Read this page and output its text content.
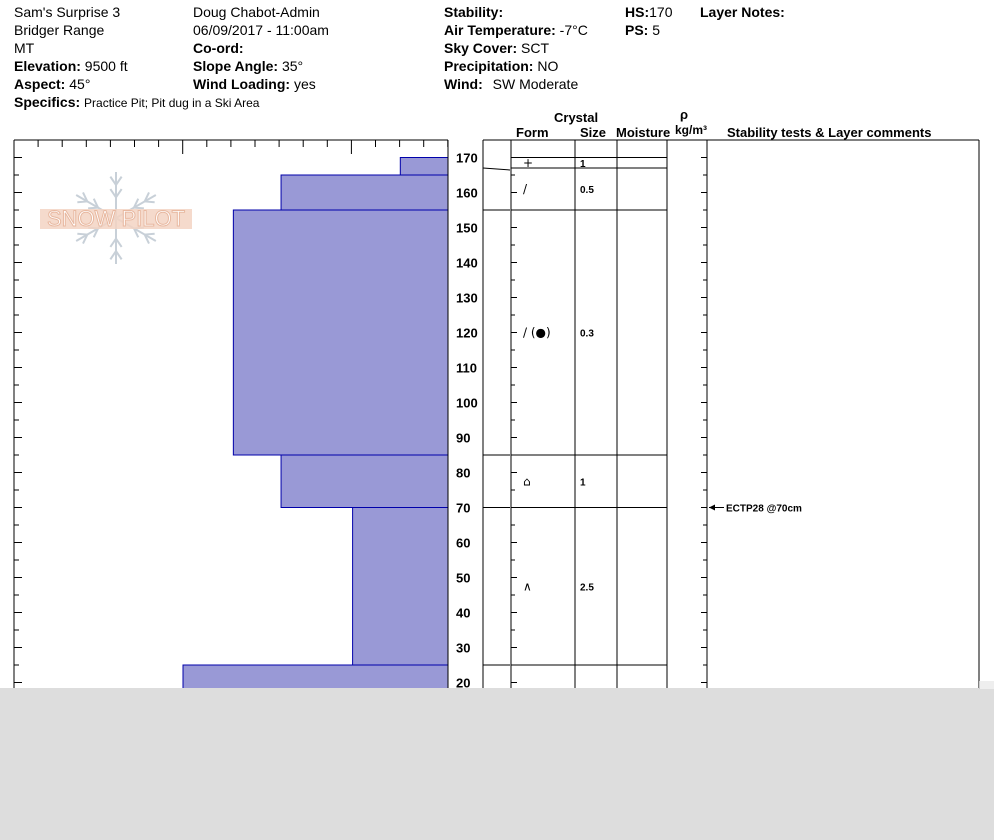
Sam's Surprise 3
Bridger Range
MT
Elevation: 9500 ft
Aspect: 45°
Specifics: Practice Pit; Pit dug in a Ski Area
Doug Chabot-Admin
06/09/2017 - 11:00am
Co-ord:
Slope Angle: 35°
Wind Loading: yes
Stability:
Air Temperature: -7°C
Sky Cover: SCT
Precipitation: NO
Wind: SW Moderate
HS:170
PS: 5
Layer Notes:
Crystal
Form Size Moisture
ρ
kg/m³ Stability tests & Layer comments
SNOW PILOT
170
160
150
140
130
120
110
100
90
80
70
60
50
40
30
20
+	1
/	0.5
/ (●)	0.3
⌂	1
∧	2.5
ECTP28 @70cm
